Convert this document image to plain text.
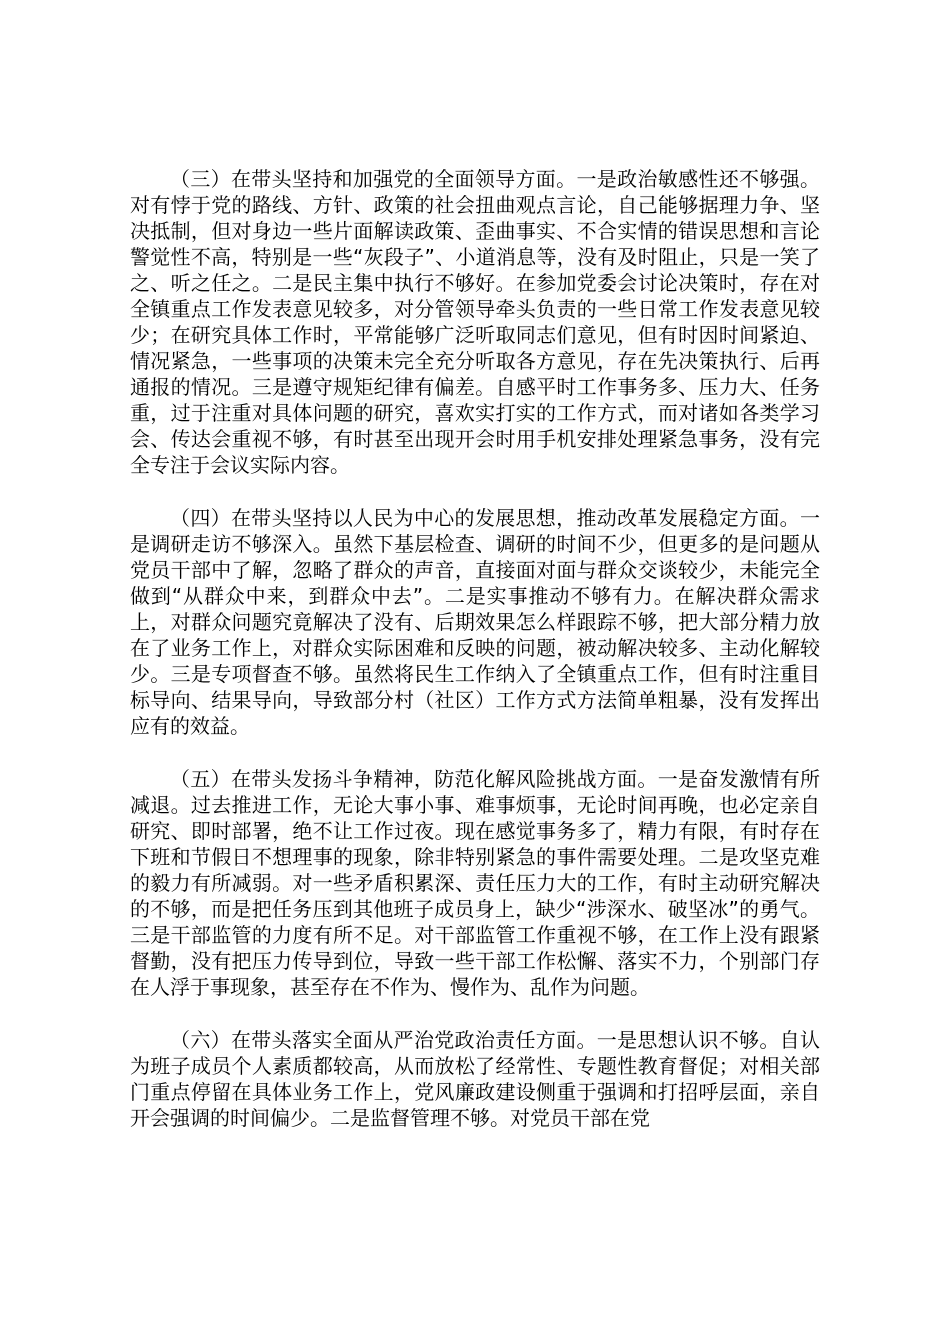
（三）在带头坚持和加强党的全面领导方面。一是政治敏感性还不够强。对有悖于党的路线、方针、政策的社会扭曲观点言论，自己能够据理力争、坚决抵制，但对身边一些片面解读政策、歪曲事实、不合实情的错误思想和言论警觉性不高，特别是一些“灰段子”、小道消息等，没有及时阻止，只是一笑了之、听之任之。二是民主集中执行不够好。在参加党委会讨论决策时，存在对全镇重点工作发表意见较多，对分管领导牵头负责的一些日常工作发表意见较少；在研究具体工作时，平常能够广泛听取同志们意见，但有时因时间紧迫、情况紧急，一些事项的决策未完全充分听取各方意见，存在先决策执行、后再通报的情况。三是遵守规矩纪律有偏差。自感平时工作事务多、压力大、任务重，过于注重对具体问题的研究，喜欢实打实的工作方式，而对诸如各类学习会、传达会重视不够，有时甚至出现开会时用手机安排处理紧急事务，没有完全专注于会议实际内容。

（四）在带头坚持以人民为中心的发展思想，推动改革发展稳定方面。一是调研走访不够深入。虽然下基层检查、调研的时间不少，但更多的是问题从党员干部中了解，忽略了群众的声音，直接面对面与群众交谈较少，未能完全做到“从群众中来，到群众中去”。二是实事推动不够有力。在解决群众需求上，对群众问题究竟解决了没有、后期效果怎么样跟踪不够，把大部分精力放在了业务工作上，对群众实际困难和反映的问题，被动解决较多、主动化解较少。三是专项督查不够。虽然将民生工作纳入了全镇重点工作，但有时注重目标导向、结果导向，导致部分村（社区）工作方式方法简单粗暴，没有发挥出应有的效益。

（五）在带头发扬斗争精神，防范化解风险挑战方面。一是奋发激情有所减退。过去推进工作，无论大事小事、难事烦事，无论时间再晚，也必定亲自研究、即时部署，绝不让工作过夜。现在感觉事务多了，精力有限，有时存在下班和节假日不想理事的现象，除非特别紧急的事件需要处理。二是攻坚克难的毅力有所减弱。对一些矛盾积累深、责任压力大的工作，有时主动研究解决的不够，而是把任务压到其他班子成员身上，缺少“涉深水、破坚冰”的勇气。三是干部监管的力度有所不足。对干部监管工作重视不够，在工作上没有跟紧督勤，没有把压力传导到位，导致一些干部工作松懈、落实不力，个别部门存在人浮于事现象，甚至存在不作为、慢作为、乱作为问题。

（六）在带头落实全面从严治党政治责任方面。一是思想认识不够。自认为班子成员个人素质都较高，从而放松了经常性、专题性教育督促；对相关部门重点停留在具体业务工作上，党风廉政建设侧重于强调和打招呼层面，亲自开会强调的时间偏少。二是监督管理不够。对党员干部在党
